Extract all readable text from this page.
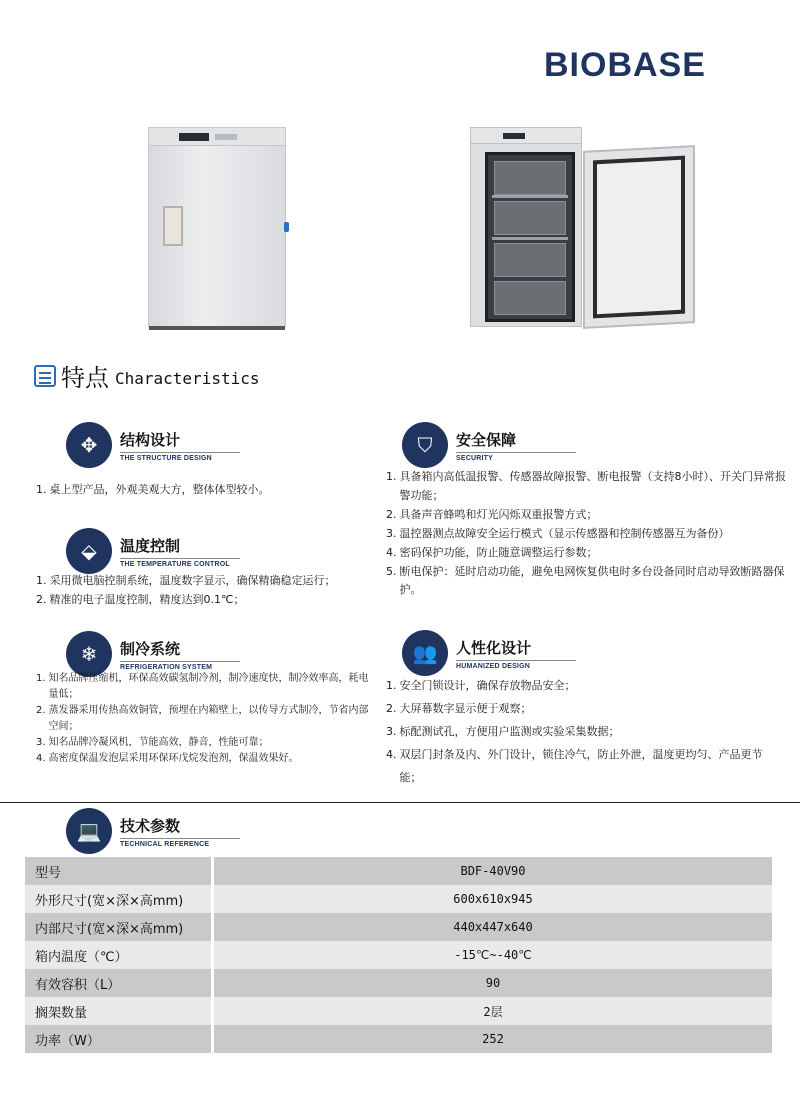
BIOBASE
特点 Characteristics
✥	结构设计
THE STRUCTURE DESIGN
1. 桌上型产品，外观美观大方，整体体型较小。
⬙	温度控制
THE TEMPERATURE CONTROL
1. 采用微电脑控制系统，温度数字显示，确保精确稳定运行；
2. 精准的电子温度控制，精度达到0.1℃；
❄	制冷系统
REFRIGERATION SYSTEM
1. 知名品牌压缩机，环保高效碳氢制冷剂，制冷速度快，制冷效率高，耗电量低；
2. 蒸发器采用传热高效铜管，预埋在内箱壁上，以传导方式制冷，节省内部空间；
3. 知名品牌冷凝风机，节能高效，静音，性能可靠；
4. 高密度保温发泡层采用环保环戊烷发泡剂，保温效果好。
⛉	安全保障
SECURITY
1. 具备箱内高低温报警、传感器故障报警、断电报警（支持8小时）、开关门异常报警功能；
2. 具备声音蜂鸣和灯光闪烁双重报警方式；
3. 温控器测点故障安全运行模式（显示传感器和控制传感器互为备份）
4. 密码保护功能，防止随意调整运行参数；
5. 断电保护：延时启动功能，避免电网恢复供电时多台设备同时启动导致断路器保护。
👥	人性化设计
HUMANIZED DESIGN
1. 安全门锁设计，确保存放物品安全；
2. 大屏幕数字显示便于观察；
3. 标配测试孔，方便用户监测或实验采集数据；
4. 双层门封条及内、外门设计，锁住冷气，防止外泄，温度更均匀、产品更节能；
💻	技术参数
TECHNICAL REFERENCE
型号	BDF-40V90
外形尺寸(宽×深×高mm)	600x610x945
内部尺寸(宽×深×高mm)	440x447x640
箱内温度（℃）	-15℃~-40℃
有效容积（L）	90
搁架数量	2层
功率（W）	252
